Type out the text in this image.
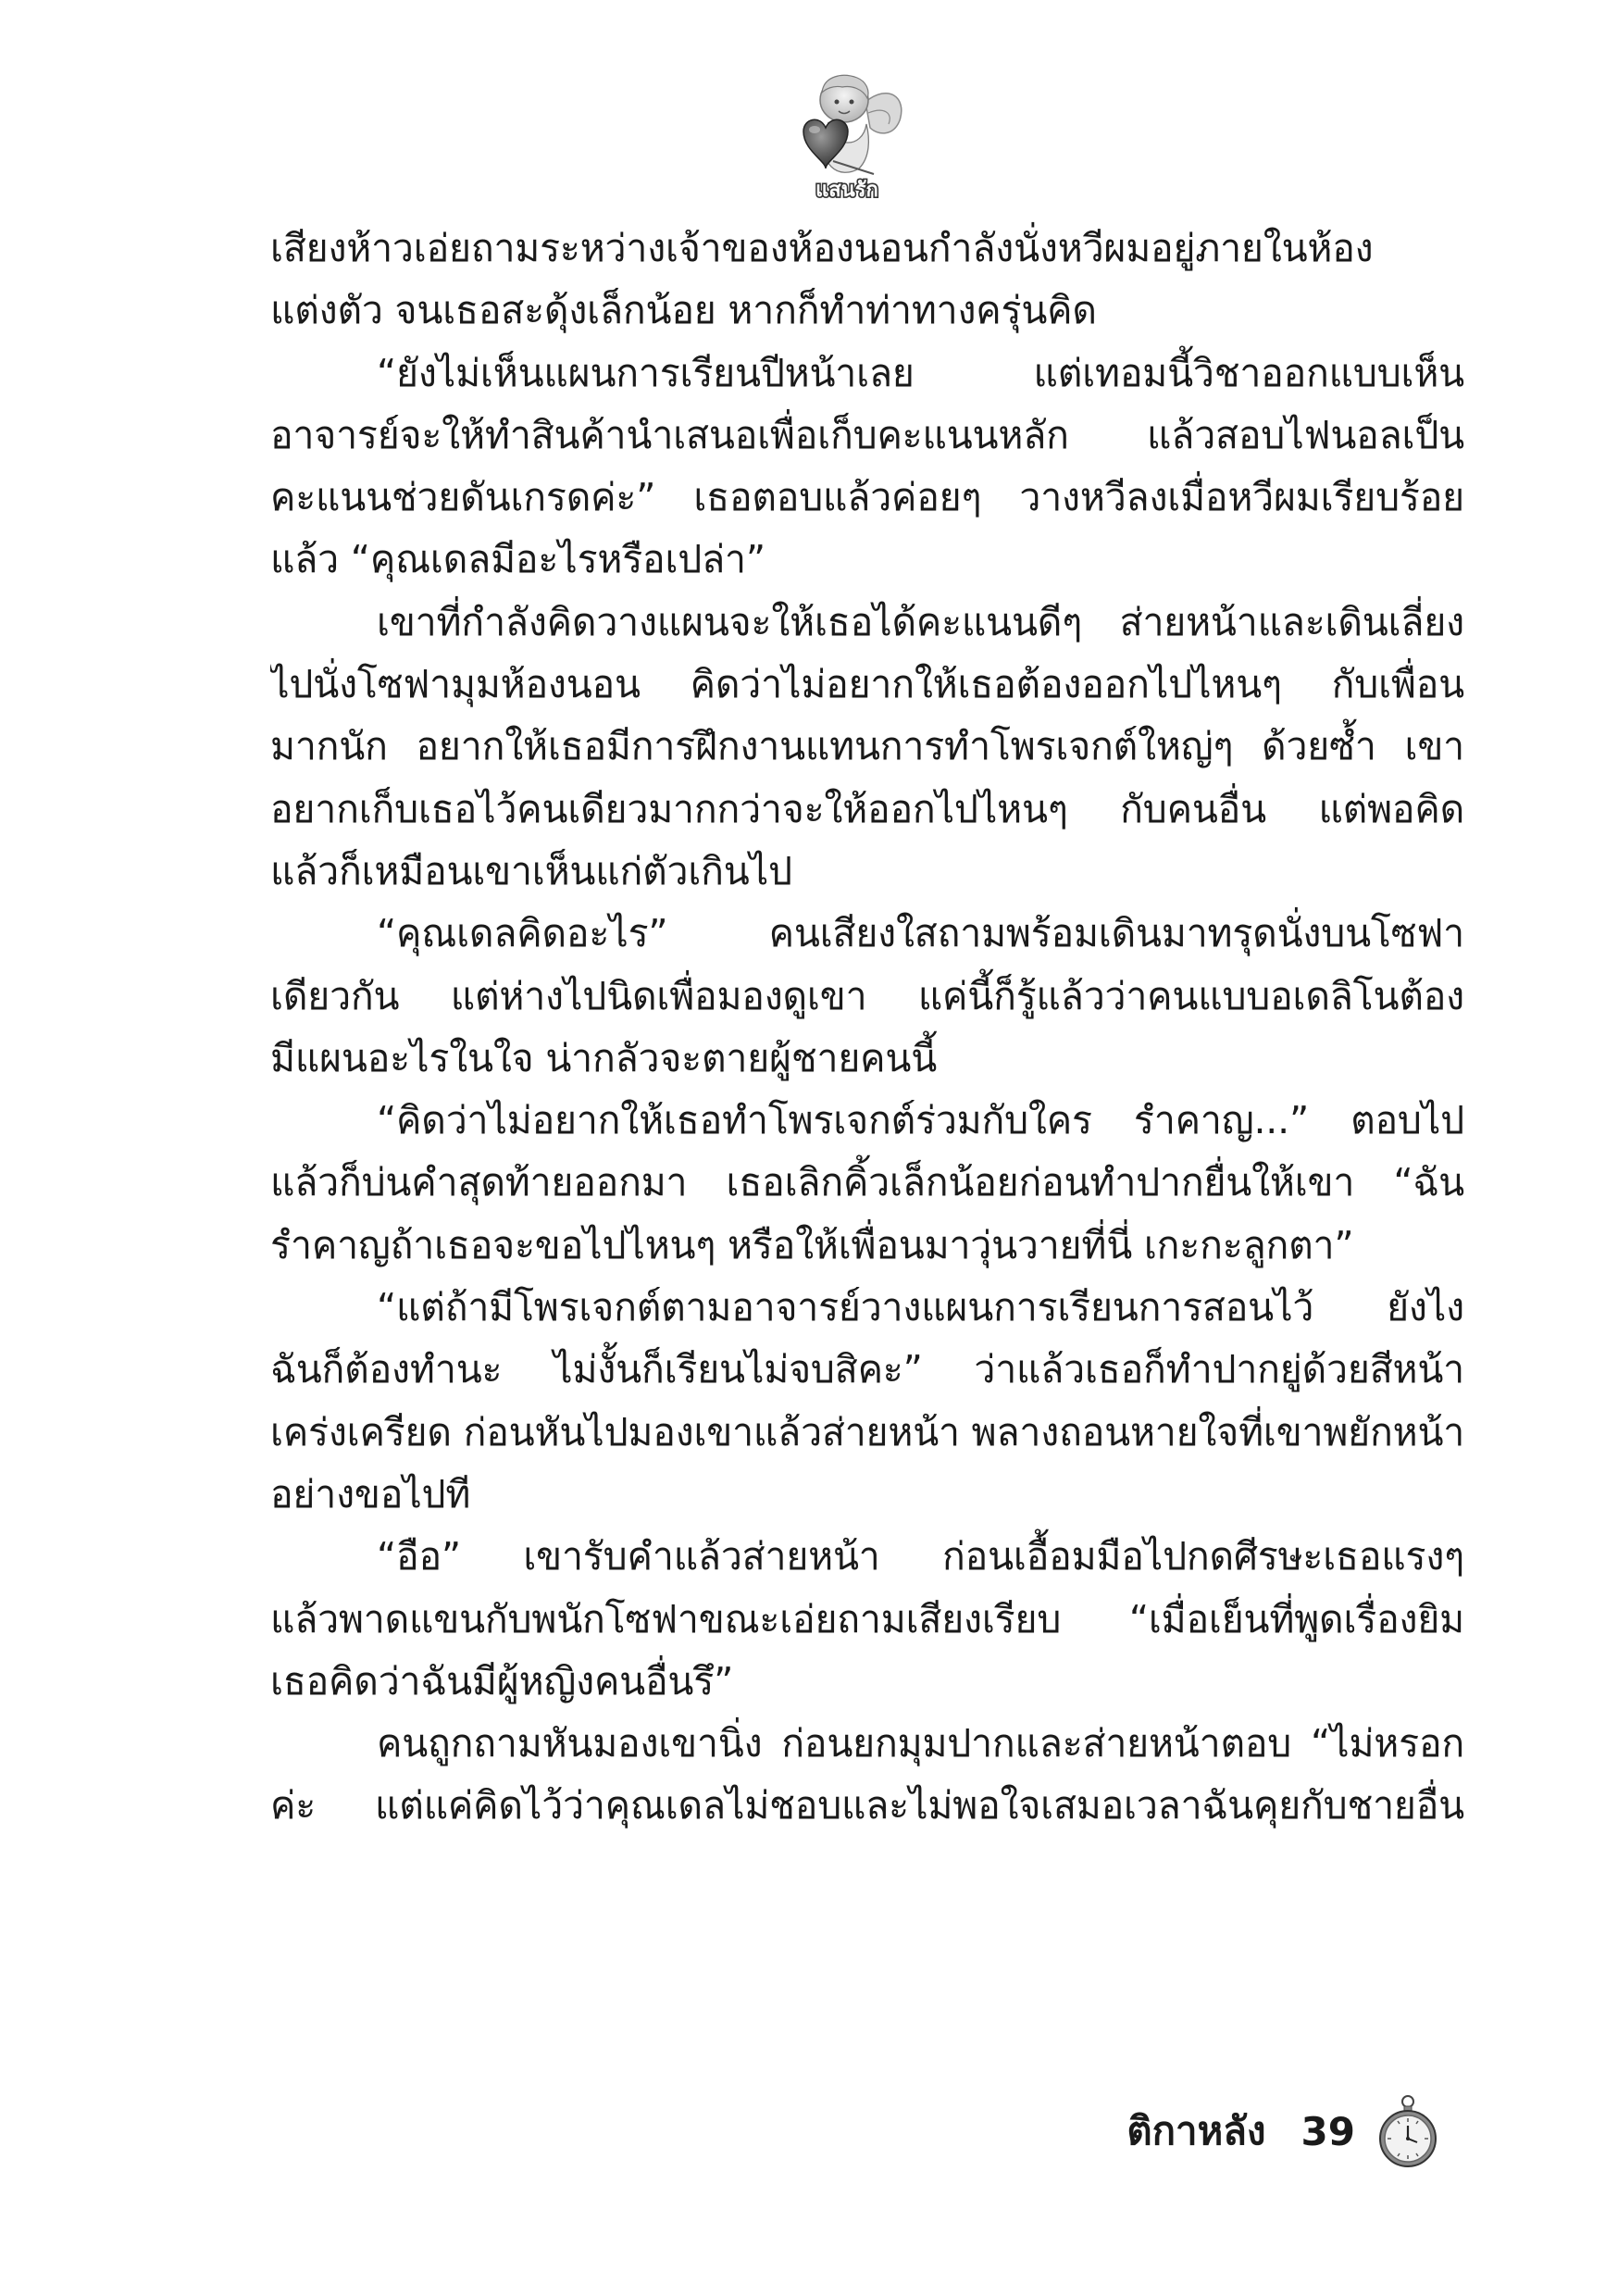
แสนรัก
เสียงห้าวเอ่ยถามระหว่างเจ้าของห้องนอนกำลังนั่งหวีผมอยู่ภายในห้อง
แต่งตัว จนเธอสะดุ้งเล็กน้อย หากก็ทำท่าทางครุ่นคิด
“ยังไม่เห็นแผนการเรียนปีหน้าเลย แต่เทอมนี้วิชาออกแบบเห็น
อาจารย์จะให้ทำสินค้านำเสนอเพื่อเก็บคะแนนหลัก แล้วสอบไฟนอลเป็น
คะแนนช่วยดันเกรดค่ะ” เธอตอบแล้วค่อยๆ วางหวีลงเมื่อหวีผมเรียบร้อย
แล้ว “คุณเดลมีอะไรหรือเปล่า”
เขาที่กำลังคิดวางแผนจะให้เธอได้คะแนนดีๆ ส่ายหน้าและเดินเลี่ยง
ไปนั่งโซฟามุมห้องนอน คิดว่าไม่อยากให้เธอต้องออกไปไหนๆ กับเพื่อน
มากนัก อยากให้เธอมีการฝึกงานแทนการทำโพรเจกต์ใหญ่ๆ ด้วยซ้ำ เขา
อยากเก็บเธอไว้คนเดียวมากกว่าจะให้ออกไปไหนๆ กับคนอื่น แต่พอคิด
แล้วก็เหมือนเขาเห็นแก่ตัวเกินไป
“คุณเดลคิดอะไร” คนเสียงใสถามพร้อมเดินมาทรุดนั่งบนโซฟา
เดียวกัน แต่ห่างไปนิดเพื่อมองดูเขา แค่นี้ก็รู้แล้วว่าคนแบบอเดลิโนต้อง
มีแผนอะไรในใจ น่ากลัวจะตายผู้ชายคนนี้
“คิดว่าไม่อยากให้เธอทำโพรเจกต์ร่วมกับใคร รำคาญ...” ตอบไป
แล้วก็บ่นคำสุดท้ายออกมา เธอเลิกคิ้วเล็กน้อยก่อนทำปากยื่นให้เขา “ฉัน
รำคาญถ้าเธอจะขอไปไหนๆ หรือให้เพื่อนมาวุ่นวายที่นี่ เกะกะลูกตา”
“แต่ถ้ามีโพรเจกต์ตามอาจารย์วางแผนการเรียนการสอนไว้ ยังไง
ฉันก็ต้องทำนะ ไม่งั้นก็เรียนไม่จบสิคะ” ว่าแล้วเธอก็ทำปากยู่ด้วยสีหน้า
เคร่งเครียด ก่อนหันไปมองเขาแล้วส่ายหน้า พลางถอนหายใจที่เขาพยักหน้า
อย่างขอไปที
“อือ” เขารับคำแล้วส่ายหน้า ก่อนเอื้อมมือไปกดศีรษะเธอแรงๆ
แล้วพาดแขนกับพนักโซฟาขณะเอ่ยถามเสียงเรียบ “เมื่อเย็นที่พูดเรื่องยิม
เธอคิดว่าฉันมีผู้หญิงคนอื่นรึ”
คนถูกถามหันมองเขานิ่ง ก่อนยกมุมปากและส่ายหน้าตอบ “ไม่หรอก
ค่ะ แต่แค่คิดไว้ว่าคุณเดลไม่ชอบและไม่พอใจเสมอเวลาฉันคุยกับชายอื่น
ติกาหลัง 39
